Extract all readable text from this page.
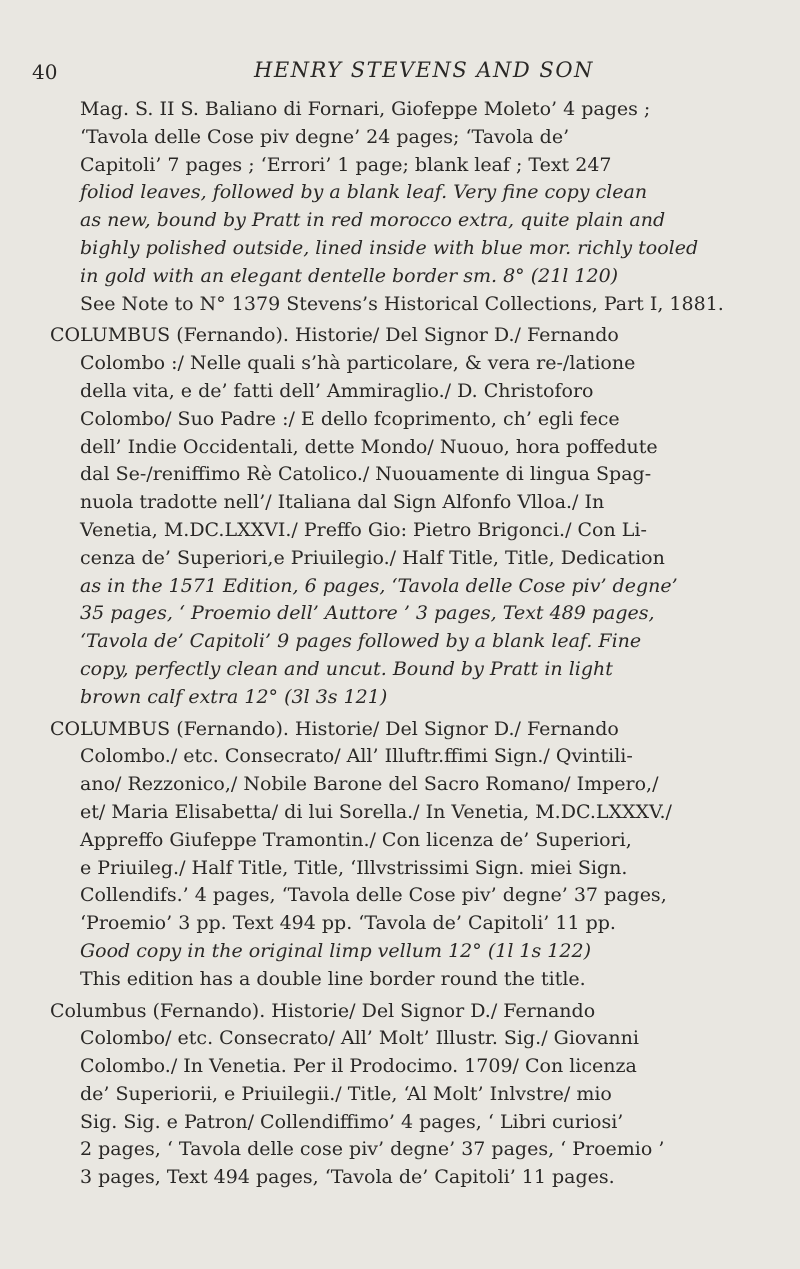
40	HENRY STEVENS AND SON
Mag. S. II S. Baliano di Fornari, Giofeppe Moleto’ 4 pages ;
‘Tavola delle Cose piv degne’ 24 pages; ‘Tavola de’
Capitoli’ 7 pages ; ‘Errori’ 1 page; blank leaf ; Text 247
foliod leaves, followed by a blank leaf. Very fine copy clean
as new, bound by Pratt in red morocco extra, quite plain and
bighly polished outside, lined inside with blue mor. richly tooled
in gold with an elegant dentelle border sm. 8° (21l 120)
See Note to N° 1379 Stevens’s Historical Collections, Part I, 1881.
COLUMBUS (Fernando). Historie/ Del Signor D./ Fernando
Colombo :/ Nelle quali s’hà particolare, & vera re-/latione
della vita, e de’ fatti dell’ Ammiraglio./ D. Christoforo
Colombo/ Suo Padre :/ E dello fcoprimento, ch’ egli fece
dell’ Indie Occidentali, dette Mondo/ Nuouo, hora poffedute
dal Se-/reniffimo Rè Catolico./ Nuouamente di lingua Spag-
nuola tradotte nell’/ Italiana dal Sign Alfonfo Vlloa./ In
Venetia, M.DC.LXXVI./ Preffo Gio: Pietro Brigonci./ Con Li-
cenza de’ Superiori,e Priuilegio./ Half Title, Title, Dedication
as in the 1571 Edition, 6 pages, ‘Tavola delle Cose piv’ degne’
35 pages, ‘ Proemio dell’ Auttore ’ 3 pages, Text 489 pages,
‘Tavola de’ Capitoli’ 9 pages followed by a blank leaf. Fine
copy, perfectly clean and uncut. Bound by Pratt in light
brown calf extra 12° (3l 3s 121)
COLUMBUS (Fernando). Historie/ Del Signor D./ Fernando
Colombo./ etc. Consecrato/ All’ Illuftr.ffimi Sign./ Qvintili-
ano/ Rezzonico,/ Nobile Barone del Sacro Romano/ Impero,/
et/ Maria Elisabetta/ di lui Sorella./ In Venetia, M.DC.LXXXV./
Appreffo Giufeppe Tramontin./ Con licenza de’ Superiori,
e Priuileg./ Half Title, Title, ‘Illvstrissimi Sign. miei Sign.
Collendifs.’ 4 pages, ‘Tavola delle Cose piv’ degne’ 37 pages,
‘Proemio’ 3 pp. Text 494 pp. ‘Tavola de’ Capitoli’ 11 pp.
Good copy in the original limp vellum 12° (1l 1s 122)
This edition has a double line border round the title.
Columbus (Fernando). Historie/ Del Signor D./ Fernando
Colombo/ etc. Consecrato/ All’ Molt’ Illustr. Sig./ Giovanni
Colombo./ In Venetia. Per il Prodocimo. 1709/ Con licenza
de’ Superiorii, e Priuilegii./ Title, ‘Al Molt’ Inlvstre/ mio
Sig. Sig. e Patron/ Collendiffimo’ 4 pages, ‘ Libri curiosi’
2 pages, ‘ Tavola delle cose piv’ degne’ 37 pages, ‘ Proemio ’
3 pages, Text 494 pages, ‘Tavola de’ Capitoli’ 11 pages.
